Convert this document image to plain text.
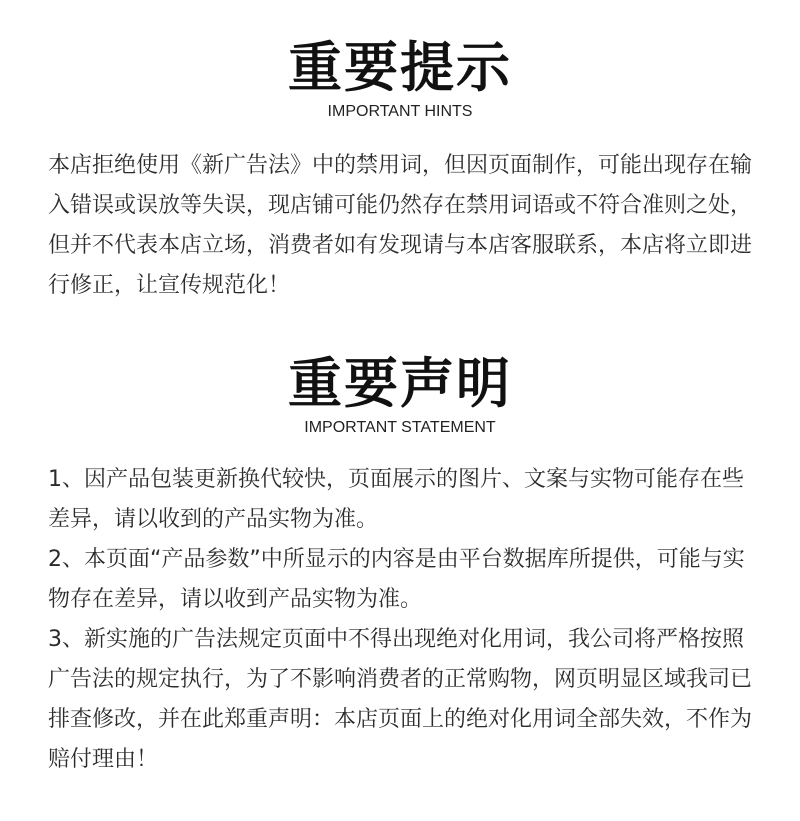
重要提示

IMPORTANT HINTS

本店拒绝使用《新广告法》中的禁用词，但因页面制作，可能出现存在输入错误或误放等失误，现店铺可能仍然存在禁用词语或不符合准则之处，但并不代表本店立场，消费者如有发现请与本店客服联系，本店将立即进行修正，让宣传规范化！

重要声明

IMPORTANT STATEMENT

1、因产品包装更新换代较快，页面展示的图片、文案与实物可能存在些差异，请以收到的产品实物为准。

2、本页面“产品参数”中所显示的内容是由平台数据库所提供，可能与实物存在差异，请以收到产品实物为准。

3、新实施的广告法规定页面中不得出现绝对化用词，我公司将严格按照广告法的规定执行，为了不影响消费者的正常购物，网页明显区域我司已排查修改，并在此郑重声明：本店页面上的绝对化用词全部失效，不作为赔付理由！
